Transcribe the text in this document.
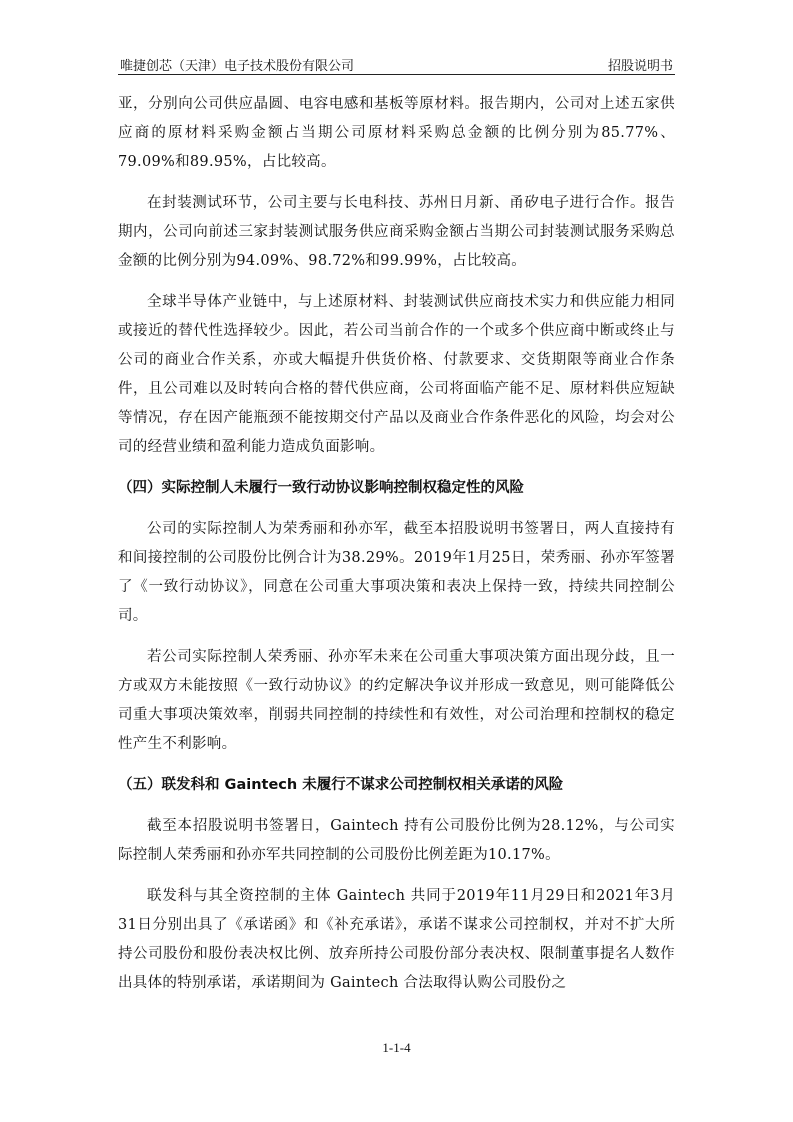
唯捷创芯（天津）电子技术股份有限公司	招股说明书

亚，分别向公司供应晶圆、电容电感和基板等原材料。报告期内，公司对上述五家供应商的原材料采购金额占当期公司原材料采购总金额的比例分别为85.77%、79.09%和89.95%，占比较高。

在封装测试环节，公司主要与长电科技、苏州日月新、甬矽电子进行合作。报告期内，公司向前述三家封装测试服务供应商采购金额占当期公司封装测试服务采购总金额的比例分别为94.09%、98.72%和99.99%，占比较高。

全球半导体产业链中，与上述原材料、封装测试供应商技术实力和供应能力相同或接近的替代性选择较少。因此，若公司当前合作的一个或多个供应商中断或终止与公司的商业合作关系，亦或大幅提升供货价格、付款要求、交货期限等商业合作条件，且公司难以及时转向合格的替代供应商，公司将面临产能不足、原材料供应短缺等情况，存在因产能瓶颈不能按期交付产品以及商业合作条件恶化的风险，均会对公司的经营业绩和盈利能力造成负面影响。

（四）实际控制人未履行一致行动协议影响控制权稳定性的风险

公司的实际控制人为荣秀丽和孙亦军，截至本招股说明书签署日，两人直接持有和间接控制的公司股份比例合计为38.29%。2019年1月25日，荣秀丽、孙亦军签署了《一致行动协议》，同意在公司重大事项决策和表决上保持一致，持续共同控制公司。

若公司实际控制人荣秀丽、孙亦军未来在公司重大事项决策方面出现分歧，且一方或双方未能按照《一致行动协议》的约定解决争议并形成一致意见，则可能降低公司重大事项决策效率，削弱共同控制的持续性和有效性，对公司治理和控制权的稳定性产生不利影响。

（五）联发科和 Gaintech 未履行不谋求公司控制权相关承诺的风险

截至本招股说明书签署日，Gaintech 持有公司股份比例为28.12%，与公司实际控制人荣秀丽和孙亦军共同控制的公司股份比例差距为10.17%。

联发科与其全资控制的主体 Gaintech 共同于2019年11月29日和2021年3月31日分别出具了《承诺函》和《补充承诺》，承诺不谋求公司控制权，并对不扩大所持公司股份和股份表决权比例、放弃所持公司股份部分表决权、限制董事提名人数作出具体的特别承诺，承诺期间为 Gaintech 合法取得认购公司股份之

1-1-4
